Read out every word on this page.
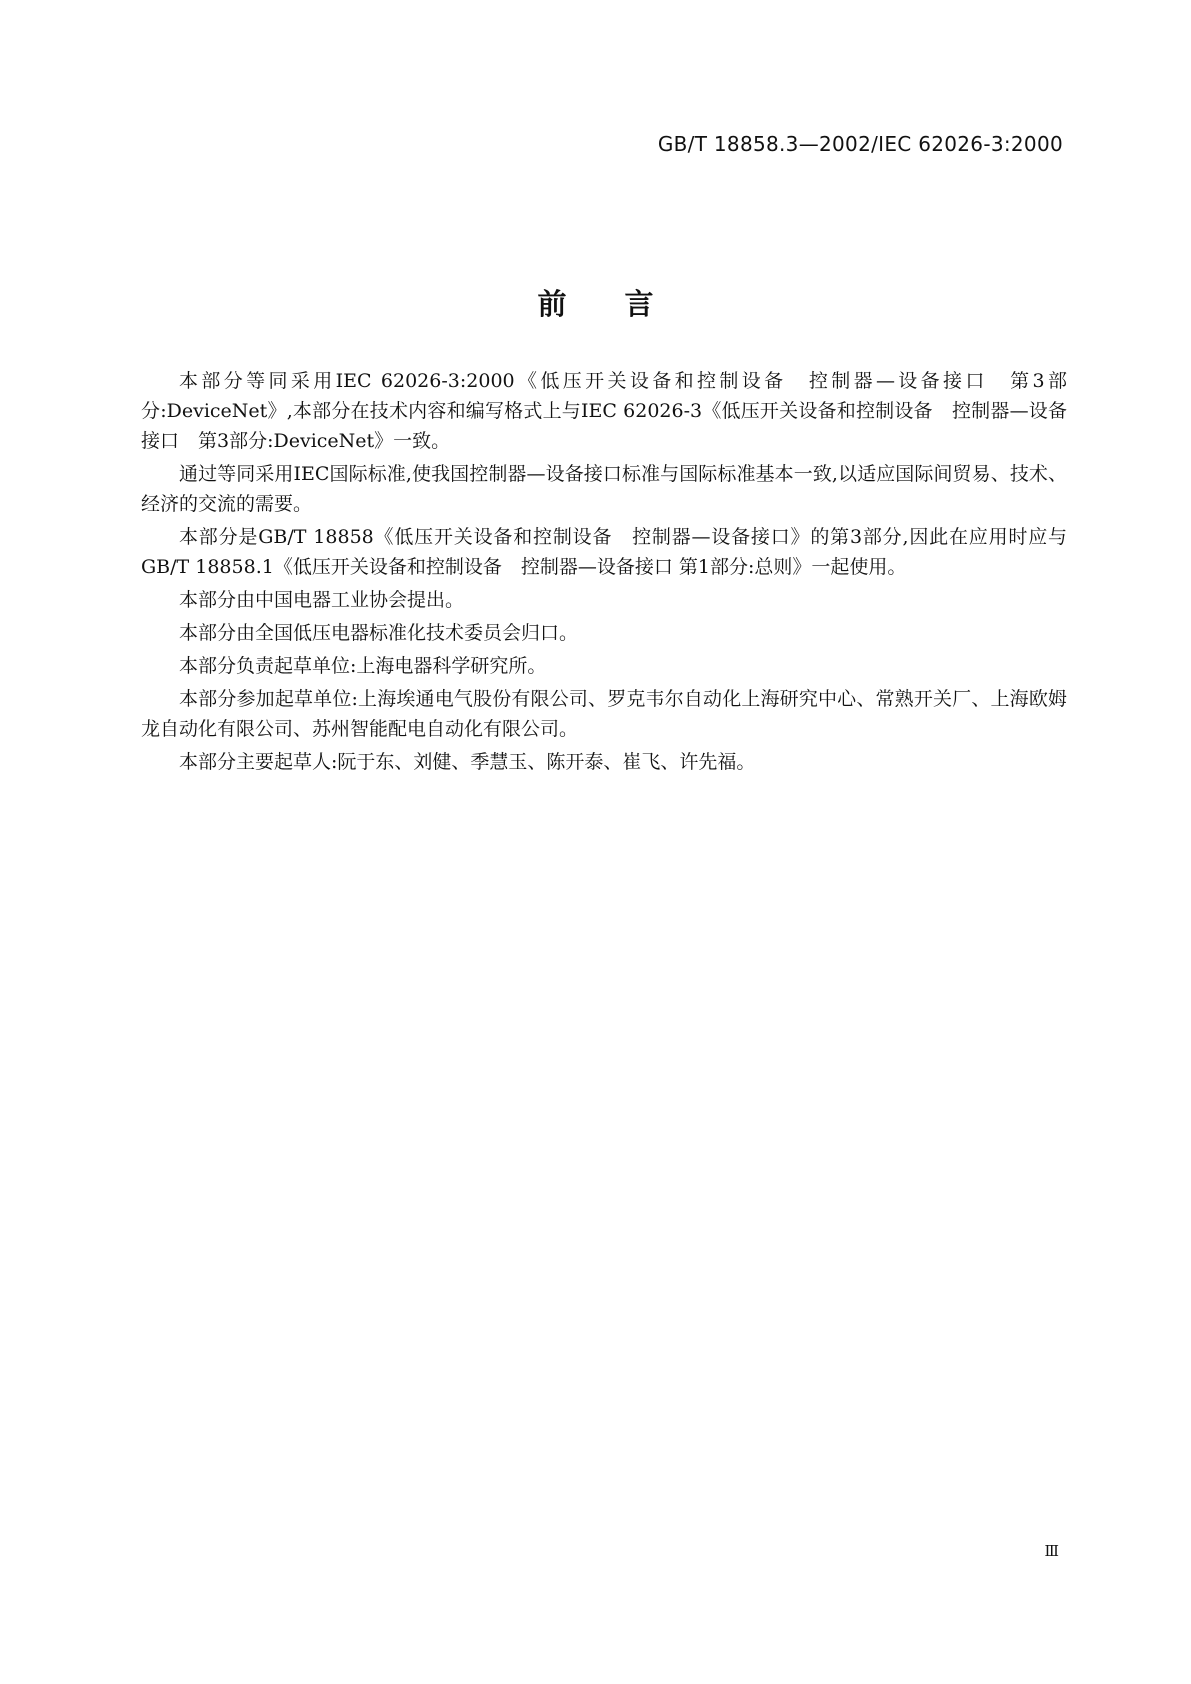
GB/T 18858.3—2002/IEC 62026-3:2000
前言

本部分等同采用IEC 62026-3:2000《低压开关设备和控制设备　控制器—设备接口　第3部分:DeviceNet》,本部分在技术内容和编写格式上与IEC 62026-3《低压开关设备和控制设备　控制器—设备接口　第3部分:DeviceNet》一致。

通过等同采用IEC国际标准,使我国控制器—设备接口标准与国际标准基本一致,以适应国际间贸易、技术、经济的交流的需要。

本部分是GB/T 18858《低压开关设备和控制设备　控制器—设备接口》的第3部分,因此在应用时应与GB/T 18858.1《低压开关设备和控制设备　控制器—设备接口 第1部分:总则》一起使用。

本部分由中国电器工业协会提出。

本部分由全国低压电器标准化技术委员会归口。

本部分负责起草单位:上海电器科学研究所。

本部分参加起草单位:上海埃通电气股份有限公司、罗克韦尔自动化上海研究中心、常熟开关厂、上海欧姆龙自动化有限公司、苏州智能配电自动化有限公司。

本部分主要起草人:阮于东、刘健、季慧玉、陈开泰、崔飞、许先福。

Ⅲ
